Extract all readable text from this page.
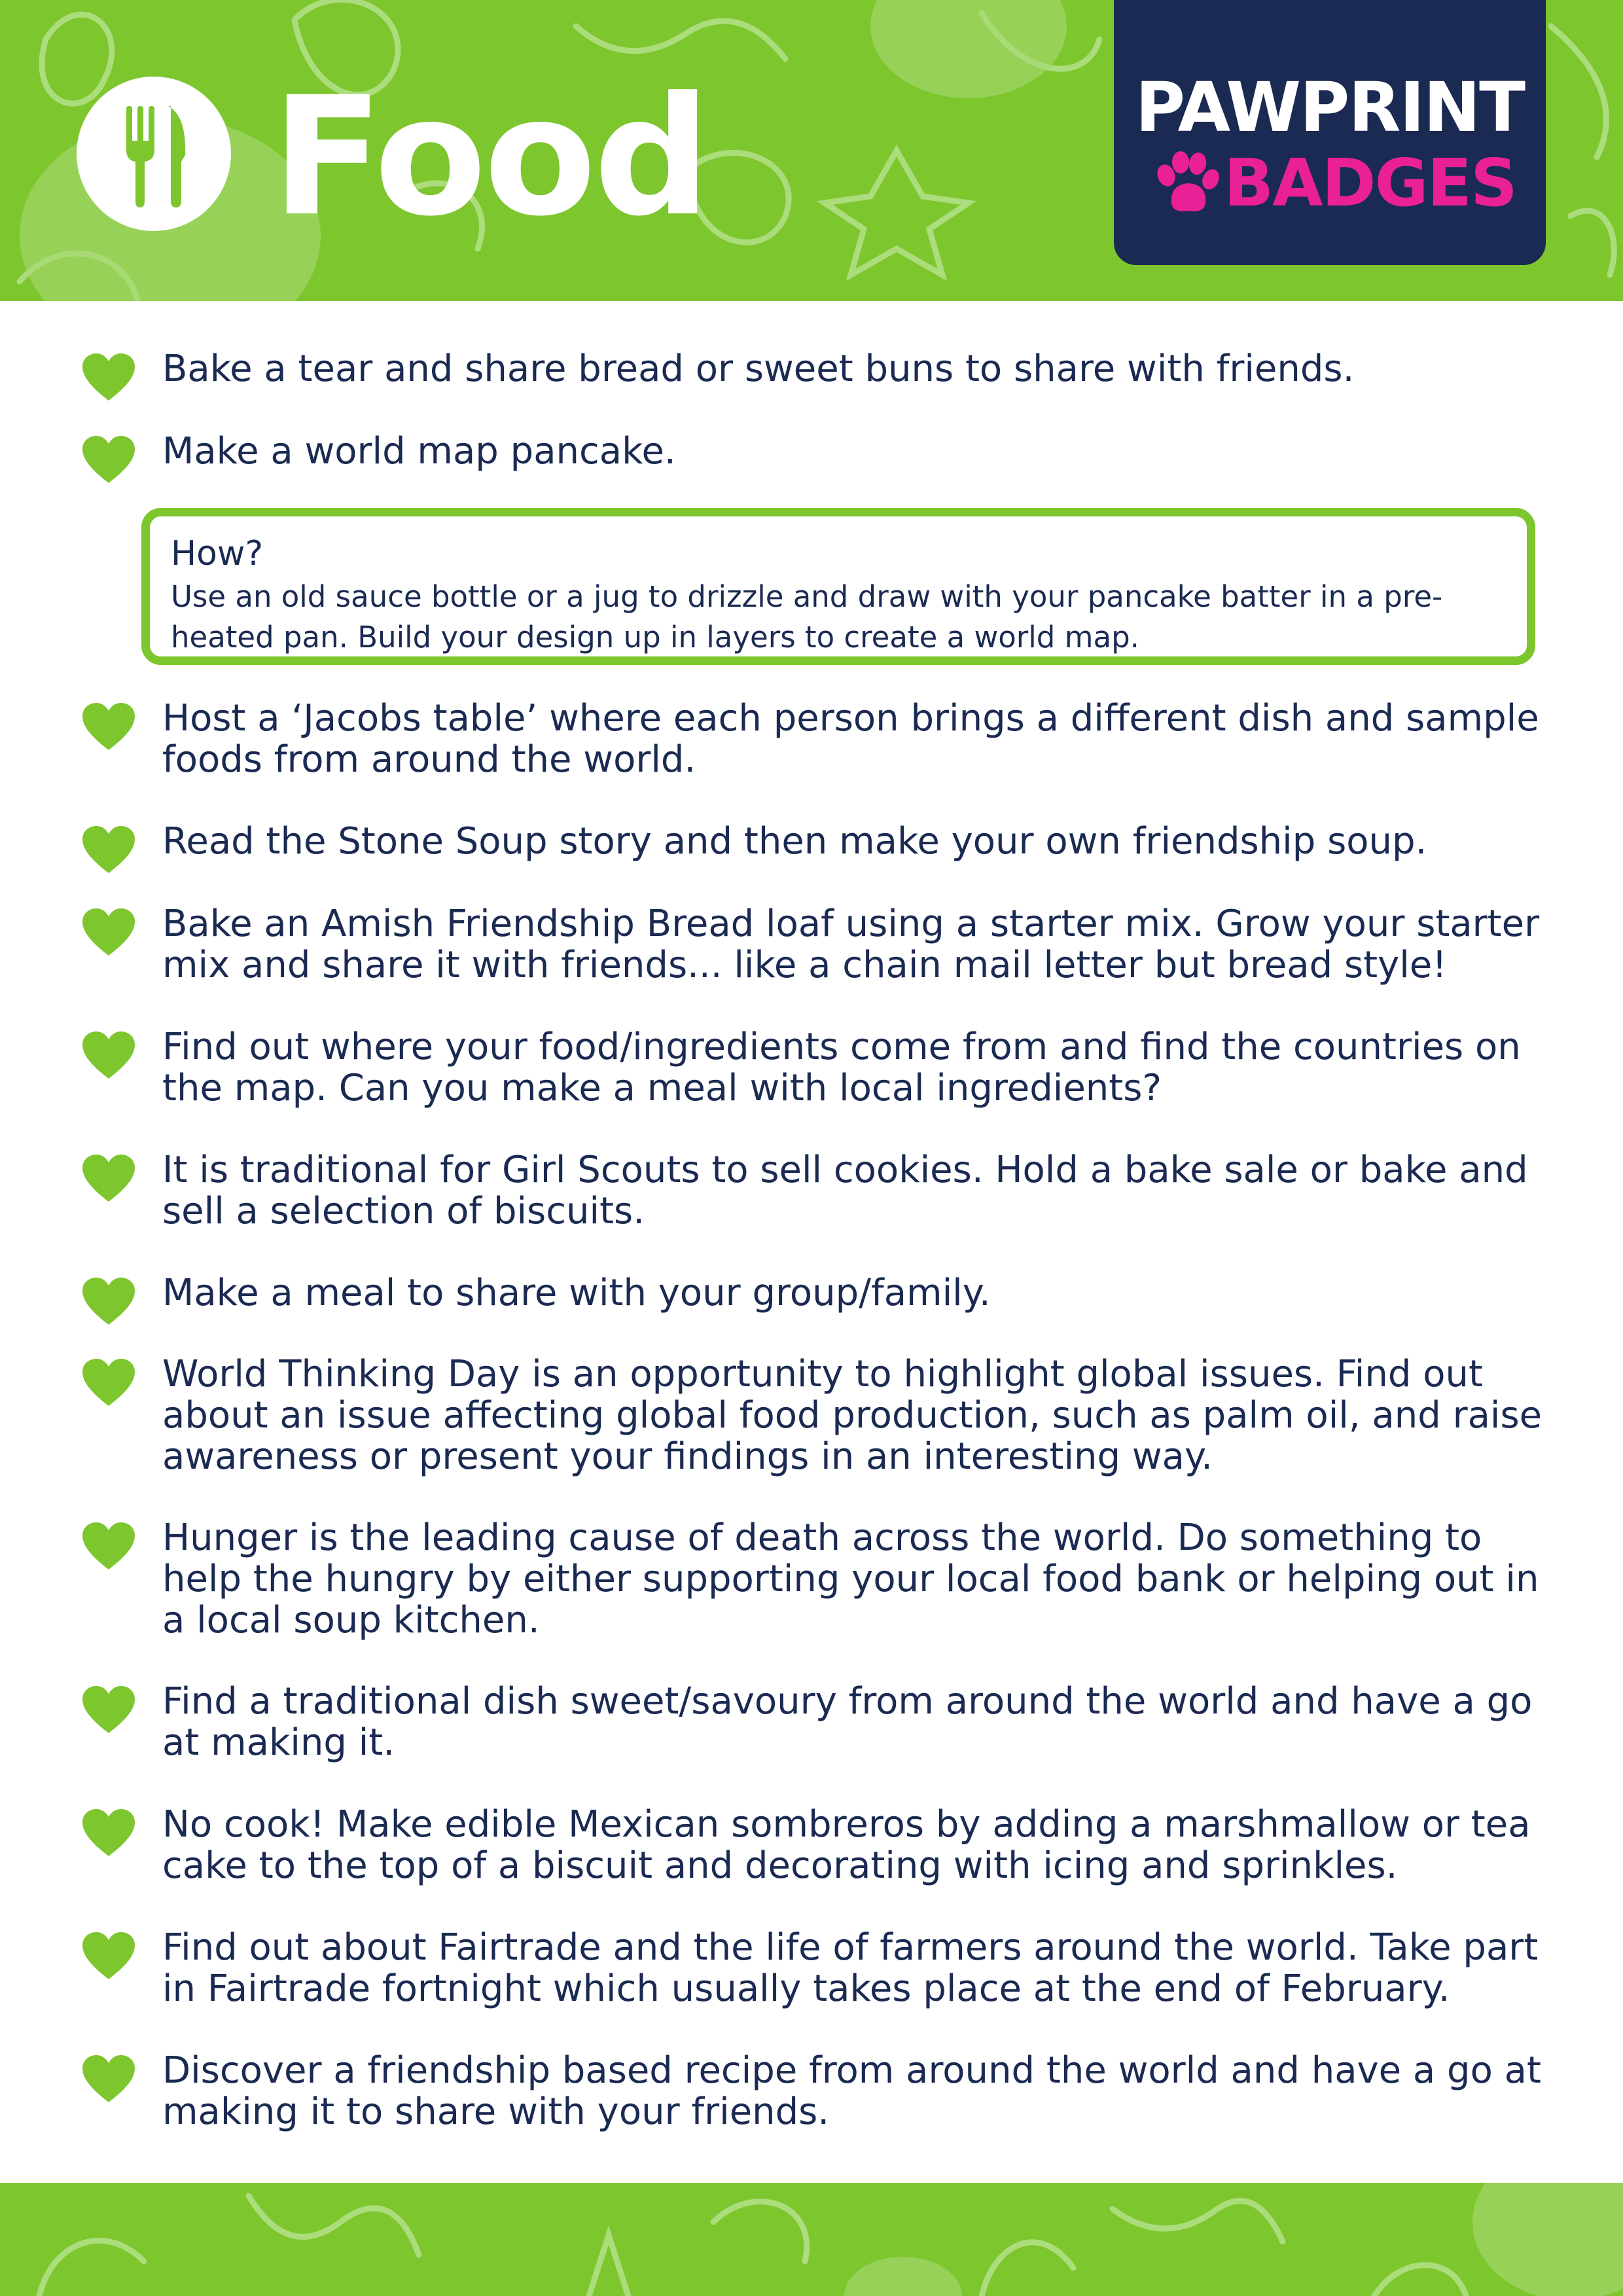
Food	PAWPRINT
BADGES
Bake a tear and share bread or sweet buns to share with friends.
Make a world map pancake.
How?
Use an old sauce bottle or a jug to drizzle and draw with your pancake batter in a pre-heated pan. Build your design up in layers to create a world map.
Host a ‘Jacobs table’ where each person brings a different dish and sample foods from around the world.
Read the Stone Soup story and then make your own friendship soup.
Bake an Amish Friendship Bread loaf using a starter mix. Grow your starter mix and share it with friends... like a chain mail letter but bread style!
Find out where your food/ingredients come from and find the countries on the map. Can you make a meal with local ingredients?
It is traditional for Girl Scouts to sell cookies. Hold a bake sale or bake and sell a selection of biscuits.
Make a meal to share with your group/family.
World Thinking Day is an opportunity to highlight global issues. Find out about an issue affecting global food production, such as palm oil, and raise awareness or present your findings in an interesting way.
Hunger is the leading cause of death across the world. Do something to help the hungry by either supporting your local food bank or helping out in a local soup kitchen.
Find a traditional dish sweet/savoury from around the world and have a go at making it.
No cook! Make edible Mexican sombreros by adding a marshmallow or tea cake to the top of a biscuit and decorating with icing and sprinkles.
Find out about Fairtrade and the life of farmers around the world. Take part in Fairtrade fortnight which usually takes place at the end of February.
Discover a friendship based recipe from around the world and have a go at making it to share with your friends.
